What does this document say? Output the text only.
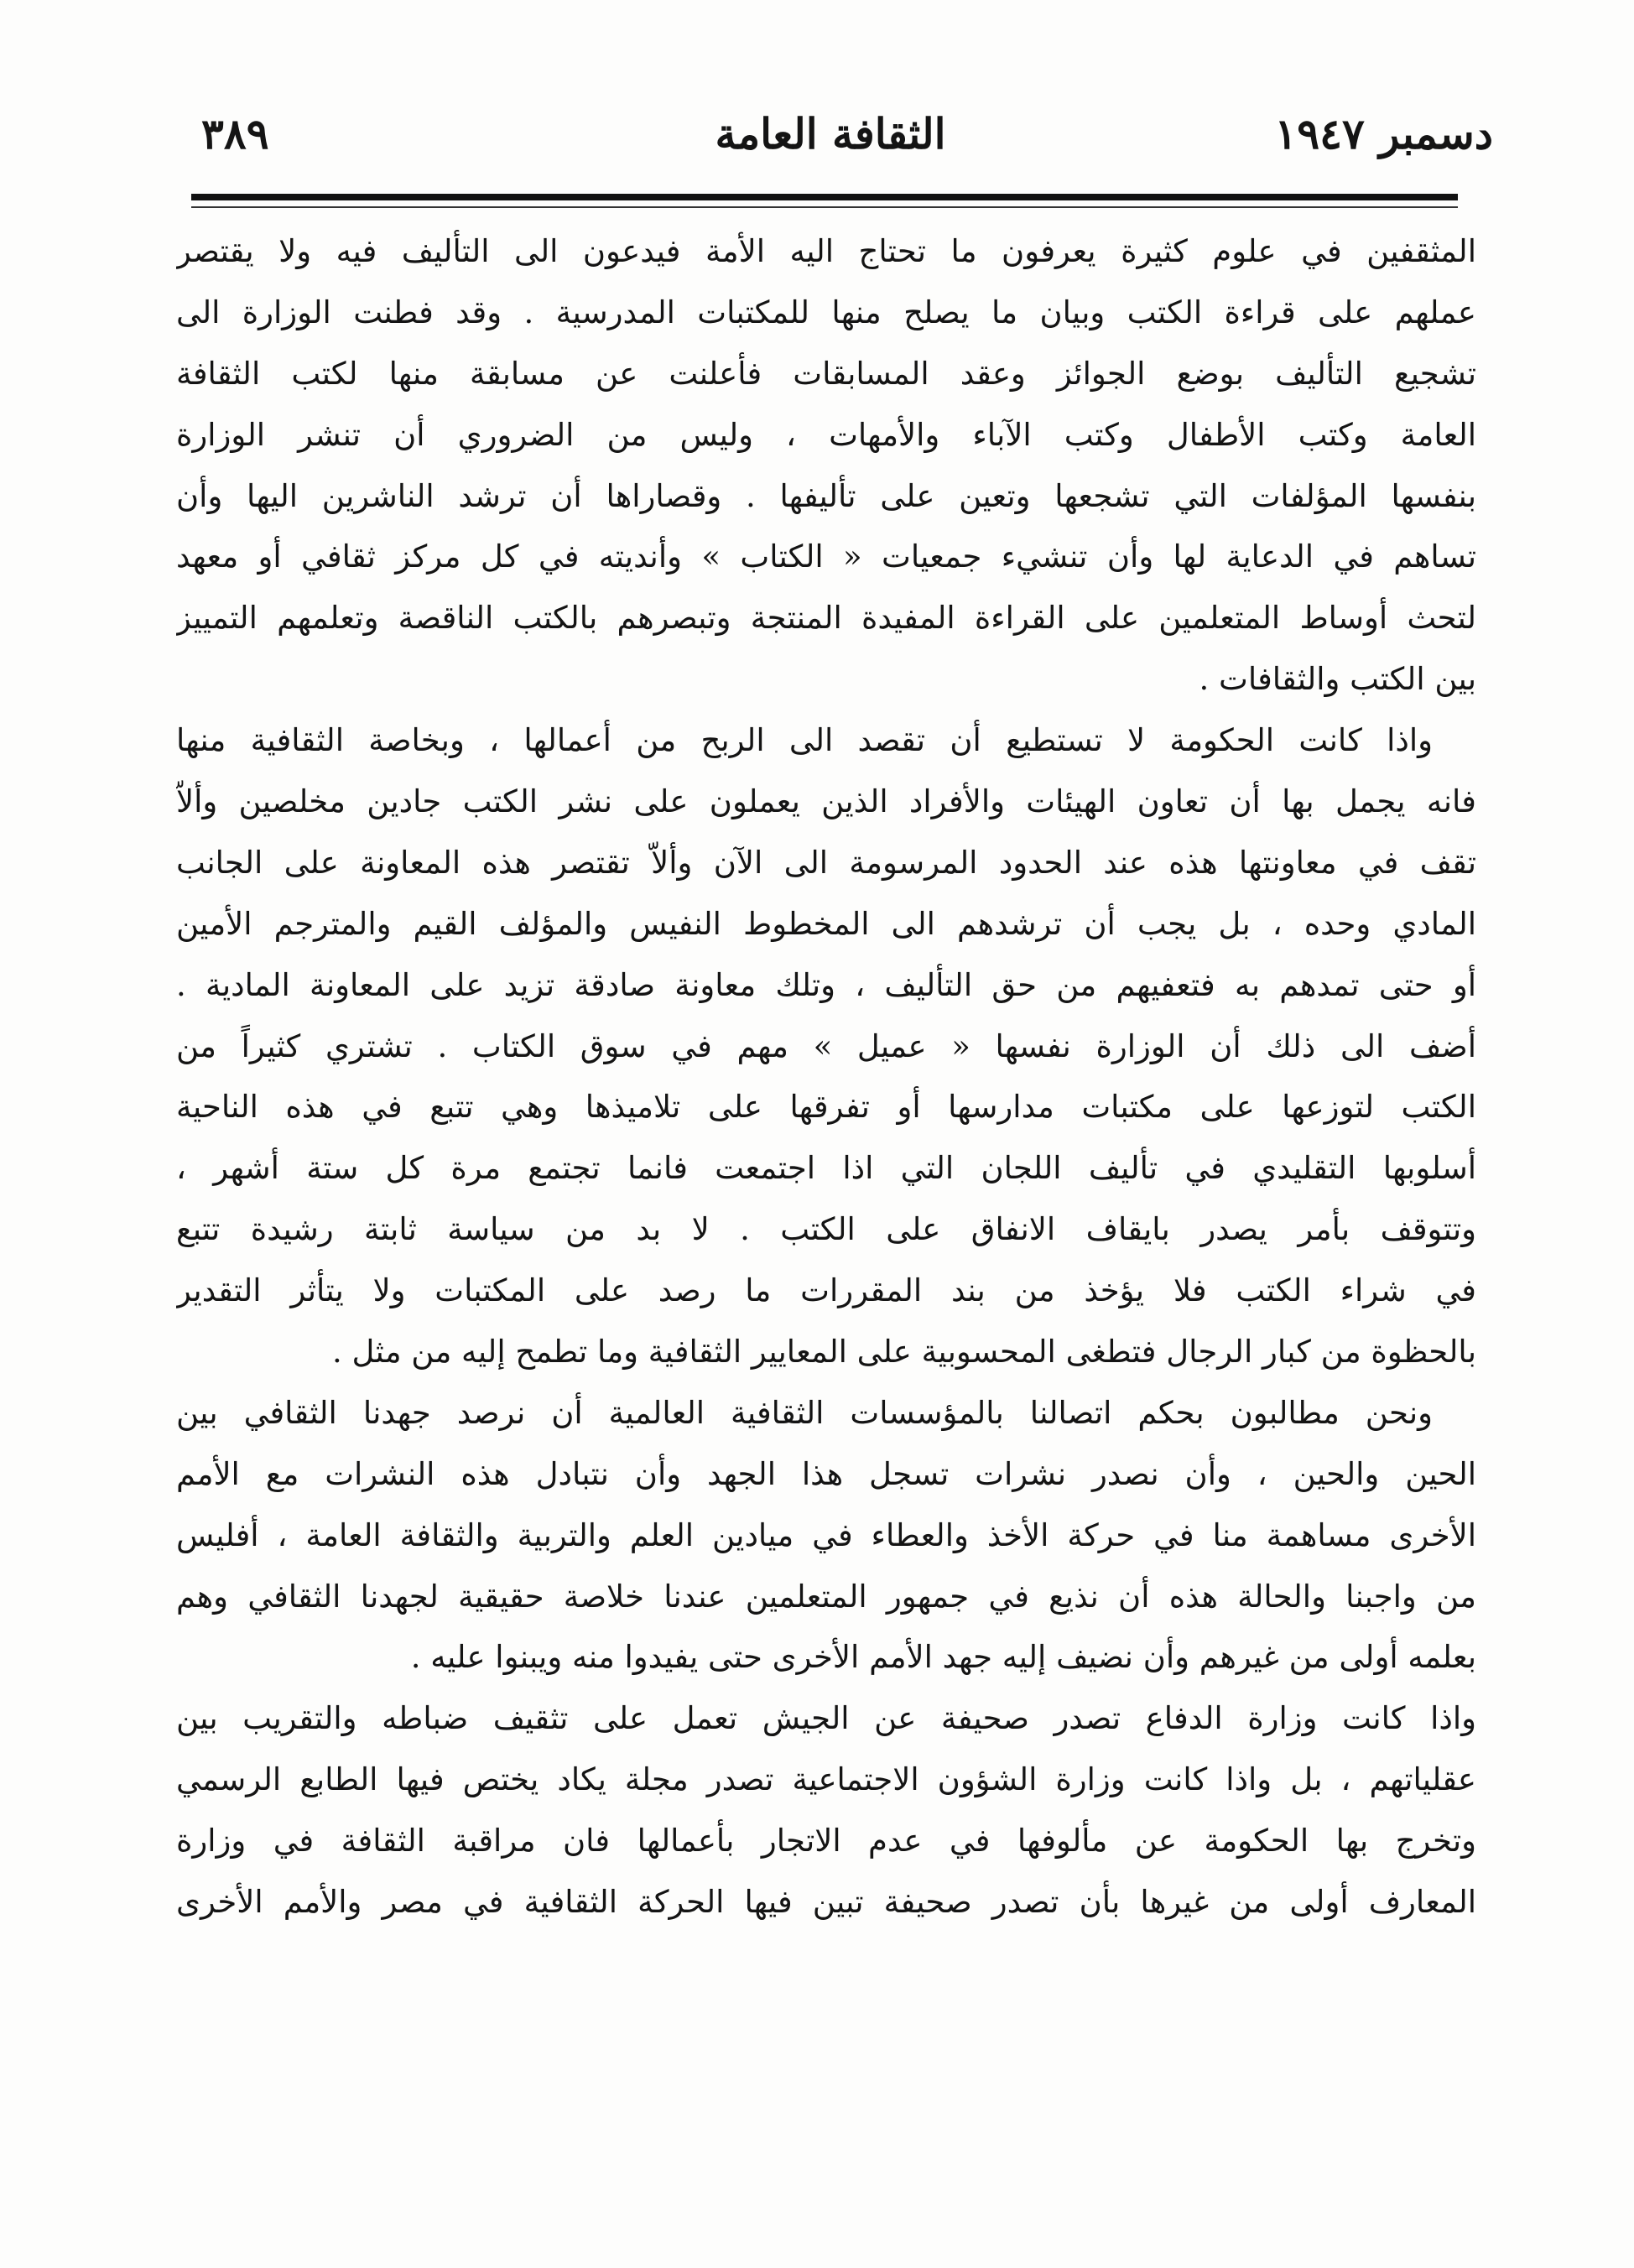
٣٨٩	الثقافة العامة	دسمبر ١٩٤٧
المثقفين في علوم كثيرة يعرفون ما تحتاج اليه الأمة فيدعون الى التأليف فيه ولا يقتصر
عملهم على قراءة الكتب وبيان ما يصلح منها للمكتبات المدرسية . وقد فطنت الوزارة الى
تشجيع التأليف بوضع الجوائز وعقد المسابقات فأعلنت عن مسابقة منها لكتب الثقافة
العامة وكتب الأطفال وكتب الآباء والأمهات ، وليس من الضروري أن تنشر الوزارة
بنفسها المؤلفات التي تشجعها وتعين على تأليفها . وقصاراها أن ترشد الناشرين اليها وأن
تساهم في الدعاية لها وأن تنشيء جمعيات « الكتاب » وأنديته في كل مركز ثقافي أو معهد
لتحث أوساط المتعلمين على القراءة المفيدة المنتجة وتبصرهم بالكتب الناقصة وتعلمهم التمييز
بين الكتب والثقافات .
واذا كانت الحكومة لا تستطيع أن تقصد الى الربح من أعمالها ، وبخاصة الثقافية منها
فانه يجمل بها أن تعاون الهيئات والأفراد الذين يعملون على نشر الكتب جادين مخلصين وألاّ
تقف في معاونتها هذه عند الحدود المرسومة الى الآن وألاّ تقتصر هذه المعاونة على الجانب
المادي وحده ، بل يجب أن ترشدهم الى المخطوط النفيس والمؤلف القيم والمترجم الأمين
أو حتى تمدهم به فتعفيهم من حق التأليف ، وتلك معاونة صادقة تزيد على المعاونة المادية .
أضف الى ذلك أن الوزارة نفسها « عميل » مهم في سوق الكتاب . تشتري كثيراً من
الكتب لتوزعها على مكتبات مدارسها أو تفرقها على تلاميذها وهي تتبع في هذه الناحية
أسلوبها التقليدي في تأليف اللجان التي اذا اجتمعت فانما تجتمع مرة كل ستة أشهر ،
وتتوقف بأمر يصدر بايقاف الانفاق على الكتب . لا بد من سياسة ثابتة رشيدة تتبع
في شراء الكتب فلا يؤخذ من بند المقررات ما رصد على المكتبات ولا يتأثر التقدير
بالحظوة من كبار الرجال فتطغى المحسوبية على المعايير الثقافية وما تطمح إليه من مثل .
ونحن مطالبون بحكم اتصالنا بالمؤسسات الثقافية العالمية أن نرصد جهدنا الثقافي بين
الحين والحين ، وأن نصدر نشرات تسجل هذا الجهد وأن نتبادل هذه النشرات مع الأمم
الأخرى مساهمة منا في حركة الأخذ والعطاء في ميادين العلم والتربية والثقافة العامة ، أفليس
من واجبنا والحالة هذه أن نذيع في جمهور المتعلمين عندنا خلاصة حقيقية لجهدنا الثقافي وهم
بعلمه أولى من غيرهم وأن نضيف إليه جهد الأمم الأخرى حتى يفيدوا منه ويبنوا عليه .
واذا كانت وزارة الدفاع تصدر صحيفة عن الجيش تعمل على تثقيف ضباطه والتقريب بين
عقلياتهم ، بل واذا كانت وزارة الشؤون الاجتماعية تصدر مجلة يكاد يختص فيها الطابع الرسمي
وتخرج بها الحكومة عن مألوفها في عدم الاتجار بأعمالها فان مراقبة الثقافة في وزارة
المعارف أولى من غيرها بأن تصدر صحيفة تبين فيها الحركة الثقافية في مصر والأمم الأخرى
